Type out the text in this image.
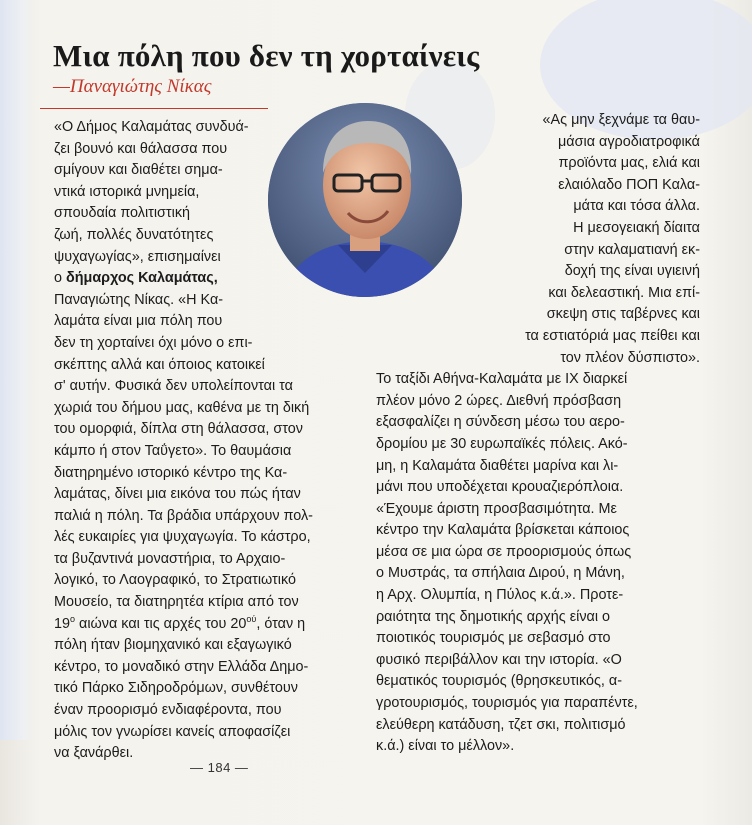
Μια πόλη που δεν τη χορταίνεις
—Παναγιώτης Νίκας
«Ο Δήμος Καλαμάτας συνδυά-
ζει βουνό και θάλασσα που
σμίγουν και διαθέτει σημα-
ντικά ιστορικά μνημεία,
σπουδαία πολιτιστική
ζωή, πολλές δυνατότητες
ψυχαγωγίας», επισημαίνει
ο δήμαρχος Καλαμάτας,
Παναγιώτης Νίκας. «Η Κα-
λαμάτα είναι μια πόλη που
δεν τη χορταίνει όχι μόνο ο επι-
σκέπτης αλλά και όποιος κατοικεί
σ' αυτήν. Φυσικά δεν υπολείπονται τα
χωριά του δήμου μας, καθένα με τη δική
του ομορφιά, δίπλα στη θάλασσα, στον
κάμπο ή στον Ταΰγετο». Το θαυμάσια
διατηρημένο ιστορικό κέντρο της Κα-
λαμάτας, δίνει μια εικόνα του πώς ήταν
παλιά η πόλη. Τα βράδια υπάρχουν πολ-
λές ευκαιρίες για ψυχαγωγία. Το κάστρο,
τα βυζαντινά μοναστήρια, το Αρχαιο-
λογικό, το Λαογραφικό, το Στρατιωτικό
Μουσείο, τα διατηρητέα κτίρια από τον
$19^o$ αιώνα και τις αρχές του $20^{oύ}$, όταν η
πόλη ήταν βιομηχανικό και εξαγωγικό
κέντρο, το μοναδικό στην Ελλάδα Δημο-
τικό Πάρκο Σιδηροδρόμων, συνθέτουν
έναν προορισμό ενδιαφέροντα, που
μόλις τον γνωρίσει κανείς αποφασίζει
να ξανάρθει.
«Ας μην ξεχνάμε τα θαυ-
μάσια αγροδιατροφικά
προϊόντα μας, ελιά και
ελαιόλαδο ΠΟΠ Καλα-
μάτα και τόσα άλλα.
Η μεσογειακή δίαιτα
στην καλαματιανή εκ-
δοχή της είναι υγιεινή
και δελεαστική. Μια επί-
σκεψη στις ταβέρνες και
τα εστιατόριά μας πείθει και
τον πλέον δύσπιστο».
Το ταξίδι Αθήνα-Καλαμάτα με ΙΧ διαρκεί
πλέον μόνο 2 ώρες. Διεθνή πρόσβαση
εξασφαλίζει η σύνδεση μέσω του αερο-
δρομίου με 30 ευρωπαϊκές πόλεις. Ακό-
μη, η Καλαμάτα διαθέτει μαρίνα και λι-
μάνι που υποδέχεται κρουαζιερόπλοια.
«Έχουμε άριστη προσβασιμότητα. Με
κέντρο την Καλαμάτα βρίσκεται κάποιος
μέσα σε μια ώρα σε προορισμούς όπως
ο Μυστράς, τα σπήλαια Διρού, η Μάνη,
η Αρχ. Ολυμπία, η Πύλος κ.ά.». Προτε-
ραιότητα της δημοτικής αρχής είναι ο
ποιοτικός τουρισμός με σεβασμό στο
φυσικό περιβάλλον και την ιστορία. «Ο
θεματικός τουρισμός (θρησκευτικός, α-
γροτουρισμός, τουρισμός για παραπέντε,
ελεύθερη κατάδυση, τζετ σκι, πολιτισμό
κ.ά.) είναι το μέλλον».
— 184 —
